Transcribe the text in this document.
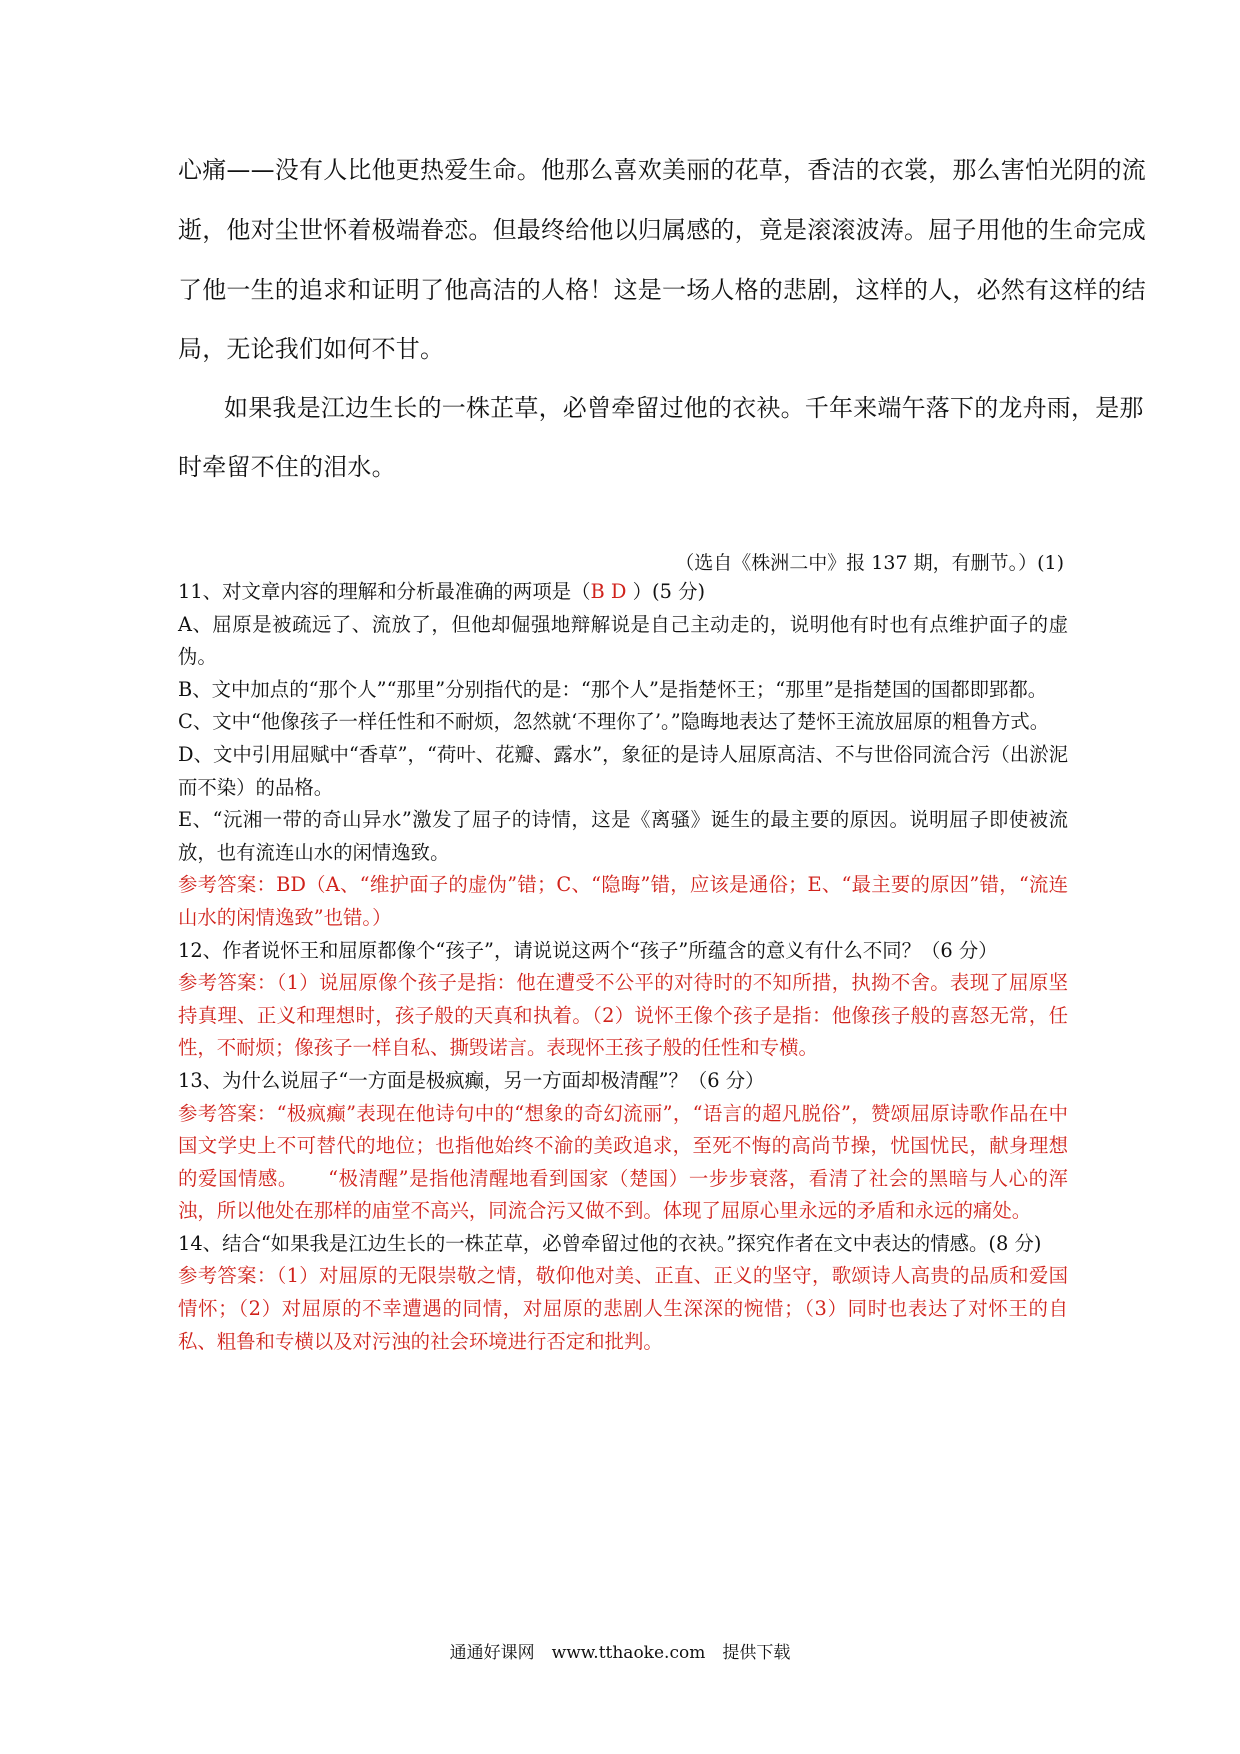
心痛——没有人比他更热爱生命。他那么喜欢美丽的花草，香洁的衣裳，那么害怕光阴的流
逝，他对尘世怀着极端眷恋。但最终给他以归属感的，竟是滚滚波涛。屈子用他的生命完成
了他一生的追求和证明了他高洁的人格！这是一场人格的悲剧，这样的人，必然有这样的结
局，无论我们如何不甘。
如果我是江边生长的一株芷草，必曾牵留过他的衣袂。千年来端午落下的龙舟雨，是那
时牵留不住的泪水。
（选自《株洲二中》报 137 期，有删节。）(1)

11、对文章内容的理解和分析最准确的两项是（B D ）(5 分)

A、屈原是被疏远了、流放了，但他却倔强地辩解说是自己主动走的，说明他有时也有点维护面子的虚伪。

B、文中加点的“那个人”“那里”分别指代的是：“那个人”是指楚怀王；“那里”是指楚国的国都即郢都。

C、文中“他像孩子一样任性和不耐烦，忽然就‘不理你了’。”隐晦地表达了楚怀王流放屈原的粗鲁方式。

D、文中引用屈赋中“香草”，“荷叶、花瓣、露水”，象征的是诗人屈原高洁、不与世俗同流合污（出淤泥而不染）的品格。

E、“沅湘一带的奇山异水”激发了屈子的诗情，这是《离骚》诞生的最主要的原因。说明屈子即使被流放，也有流连山水的闲情逸致。

参考答案：BD（A、“维护面子的虚伪”错；C、“隐晦”错，应该是通俗；E、“最主要的原因”错，“流连山水的闲情逸致”也错。）

12、作者说怀王和屈原都像个“孩子”，请说说这两个“孩子”所蕴含的意义有什么不同？（6 分）

参考答案：（1）说屈原像个孩子是指：他在遭受不公平的对待时的不知所措，执拗不舍。表现了屈原坚持真理、正义和理想时，孩子般的天真和执着。（2）说怀王像个孩子是指：他像孩子般的喜怒无常，任性，不耐烦；像孩子一样自私、撕毁诺言。表现怀王孩子般的任性和专横。

13、为什么说屈子“一方面是极疯癫，另一方面却极清醒”？（6 分）

参考答案：“极疯癫”表现在他诗句中的“想象的奇幻流丽”，“语言的超凡脱俗”，赞颂屈原诗歌作品在中国文学史上不可替代的地位；也指他始终不渝的美政追求，至死不悔的高尚节操，忧国忧民，献身理想的爱国情感。　　“极清醒”是指他清醒地看到国家（楚国）一步步衰落，看清了社会的黑暗与人心的浑浊，所以他处在那样的庙堂不高兴，同流合污又做不到。体现了屈原心里永远的矛盾和永远的痛处。

14、结合“如果我是江边生长的一株芷草，必曾牵留过他的衣袂。”探究作者在文中表达的情感。(8 分)

参考答案：（1）对屈原的无限崇敬之情，敬仰他对美、正直、正义的坚守，歌颂诗人高贵的品质和爱国情怀；（2）对屈原的不幸遭遇的同情，对屈原的悲剧人生深深的惋惜；（3）同时也表达了对怀王的自私、粗鲁和专横以及对污浊的社会环境进行否定和批判。

通通好课网　www.tthaoke.com　提供下载
